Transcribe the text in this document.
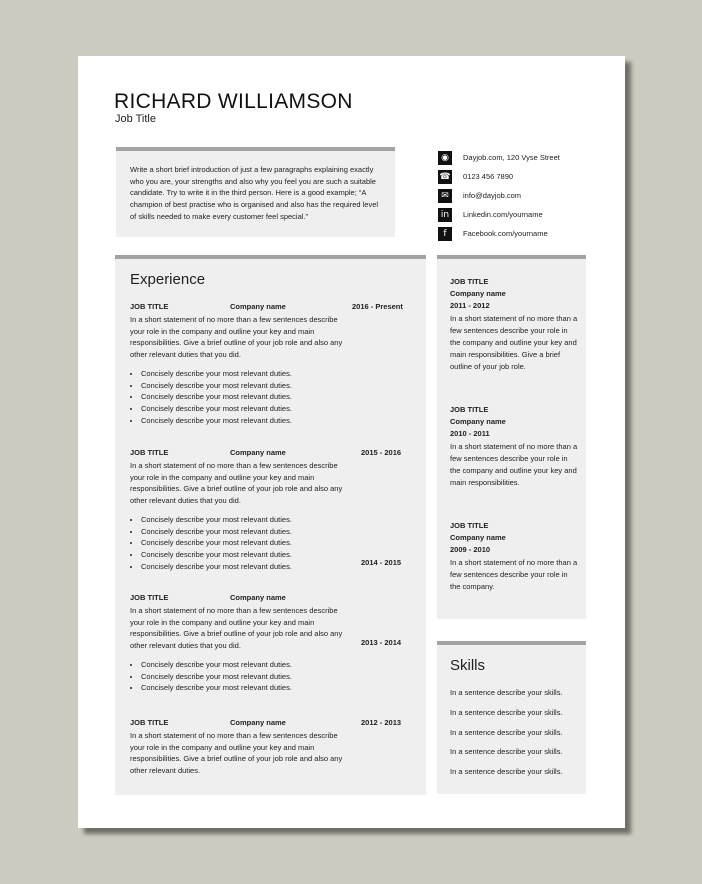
RICHARD WILLIAMSON
Job Title
Write a short brief introduction of just a few paragraphs explaining exactly who you are, your strengths and also why you feel you are such a suitable candidate. Try to write it in the third person. Here is a good example; “A champion of best practise who is organised and also has the required level of skills needed to make every customer feel special.”
◉	Dayjob.com, 120 Vyse Street
☎ 0123 456 7890
✉	info@dayjob.com
in	Linkedin.com/yourname
f	Facebook.com/yourname
Experience
JOB TITLE	Company name
In a short statement of no more than a few sentences describe your role in the company and outline your key and main responsibilities. Give a brief outline of your job role and also any other relevant duties that you did.
• Concisely describe your most relevant duties.
• Concisely describe your most relevant duties.
• Concisely describe your most relevant duties.
• Concisely describe your most relevant duties.
• Concisely describe your most relevant duties.
JOB TITLE	Company name
In a short statement of no more than a few sentences describe your role in the company and outline your key and main responsibilities. Give a brief outline of your job role and also any other relevant duties that you did.
• Concisely describe your most relevant duties.
• Concisely describe your most relevant duties.
• Concisely describe your most relevant duties.
• Concisely describe your most relevant duties.
• Concisely describe your most relevant duties.
JOB TITLE	Company name
In a short statement of no more than a few sentences describe your role in the company and outline your key and main responsibilities. Give a brief outline of your job role and also any other relevant duties that you did.
• Concisely describe your most relevant duties.
• Concisely describe your most relevant duties.
• Concisely describe your most relevant duties.
JOB TITLE	Company name
In a short statement of no more than a few sentences describe your role in the company and outline your key and main responsibilities. Give a brief outline of your job role and also any other relevant duties.
2016 - Present
2015 - 2016
2014 - 2015
2013 - 2014
2012 - 2013
JOB TITLE
Company name
2011 - 2012
In a short statement of no more than a few sentences describe your role in the company and outline your key and main responsibilities. Give a brief outline of your job role.
JOB TITLE
Company name
2010 - 2011
In a short statement of no more than a few sentences describe your role in the company and outline your key and main responsibilities.
JOB TITLE
Company name
2009 - 2010
In a short statement of no more than a few sentences describe your role in the company.
Skills
In a sentence describe your skills.
In a sentence describe your skills.
In a sentence describe your skills.
In a sentence describe your skills.
In a sentence describe your skills.
